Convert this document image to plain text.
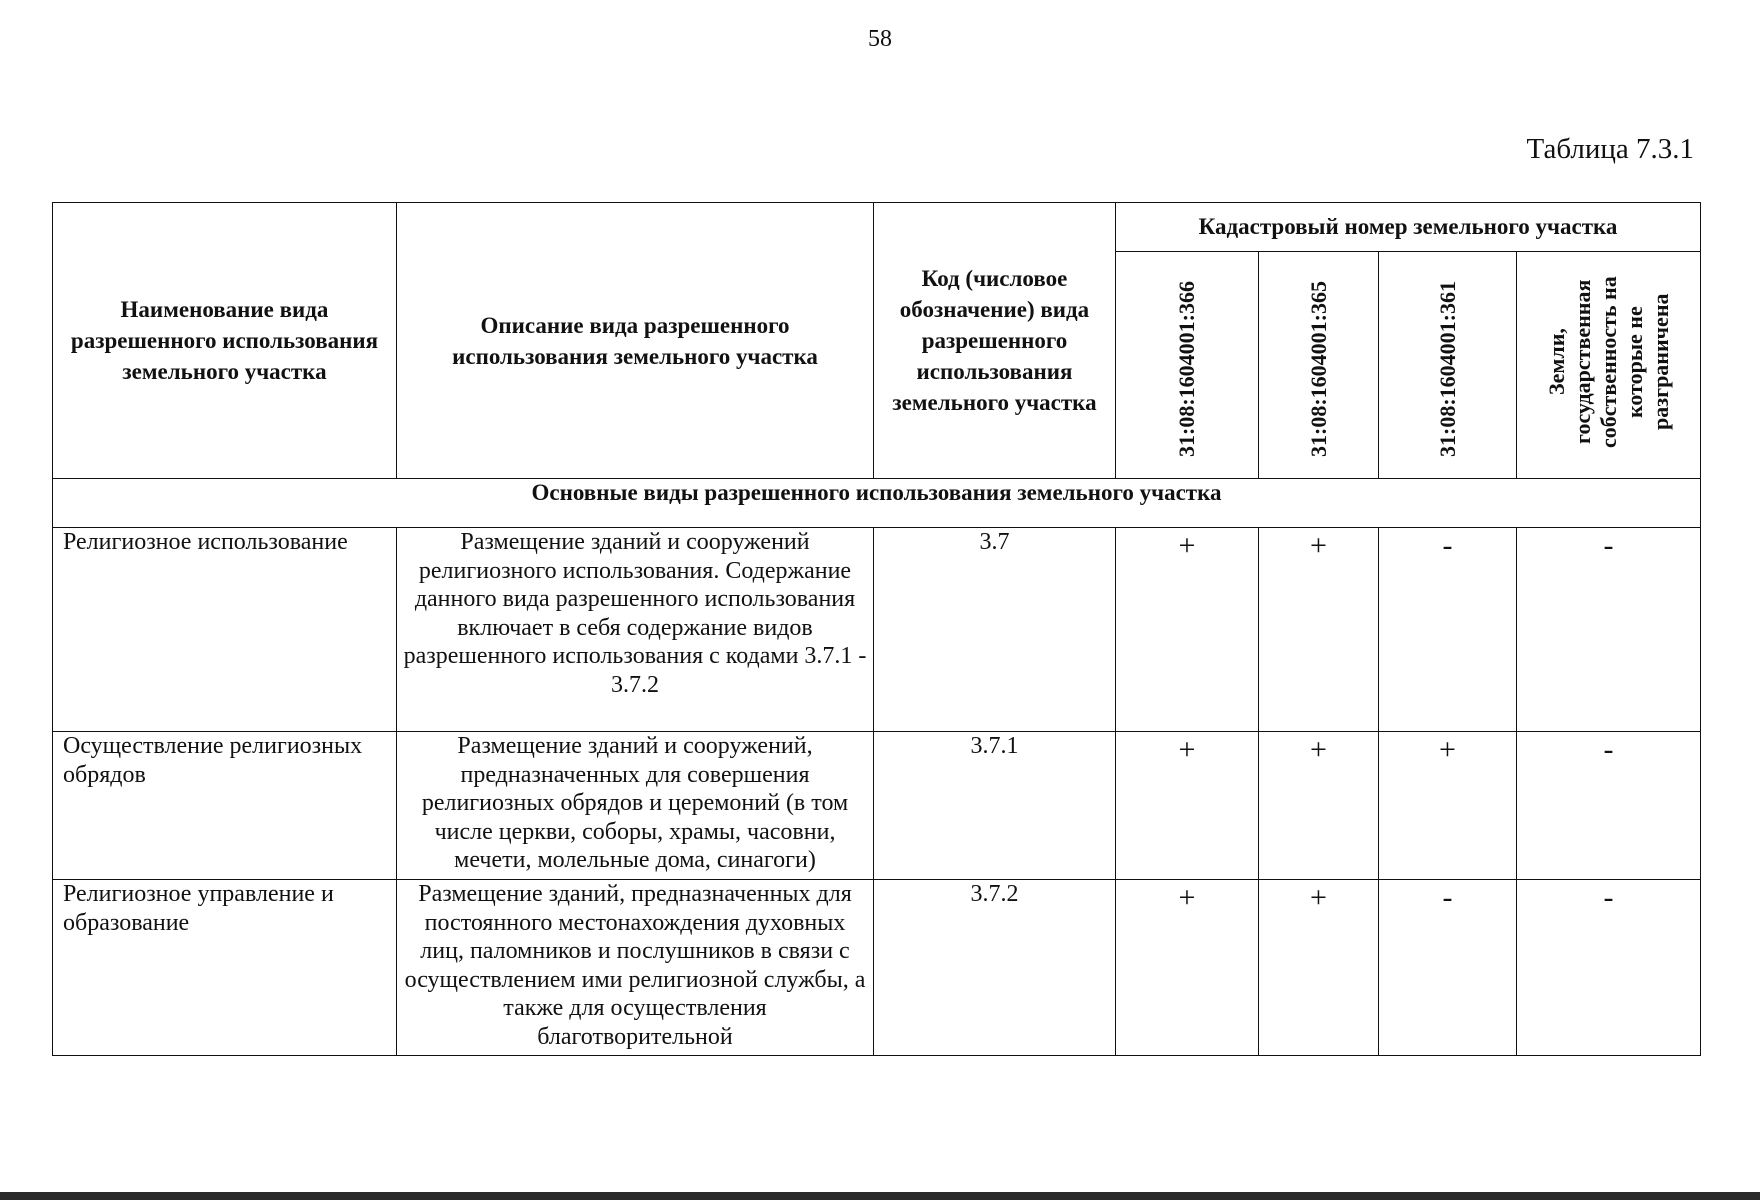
58
Таблица 7.3.1
Наименование вида разрешенного использования земельного участка	Описание вида разрешенного использования земельного участка	Код (числовое обозначение) вида разрешенного использования земельного участка	Кадастровый номер земельного участка			
			31:08:1604001:366	31:08:1604001:365	31:08:1604001:361	Земли, государственная собственность на которые не разграничена
Основные виды разрешенного использования земельного участка						
Религиозное использование	Размещение зданий и сооружений религиозного использования. Содержание данного вида разрешенного использования включает в себя содержание видов разрешенного использования с кодами 3.7.1 - 3.7.2	3.7	+	+	-	-
Осуществление религиозных обрядов	Размещение зданий и сооружений, предназначенных для совершения религиозных обрядов и церемоний (в том числе церкви, соборы, храмы, часовни, мечети, молельные дома, синагоги)	3.7.1	+	+	+	-
Религиозное управление и образование	Размещение зданий, предназначенных для постоянного местонахождения духовных лиц, паломников и послушников в связи с осуществлением ими религиозной службы, а также для осуществления благотворительной	3.7.2	+	+	-	-
